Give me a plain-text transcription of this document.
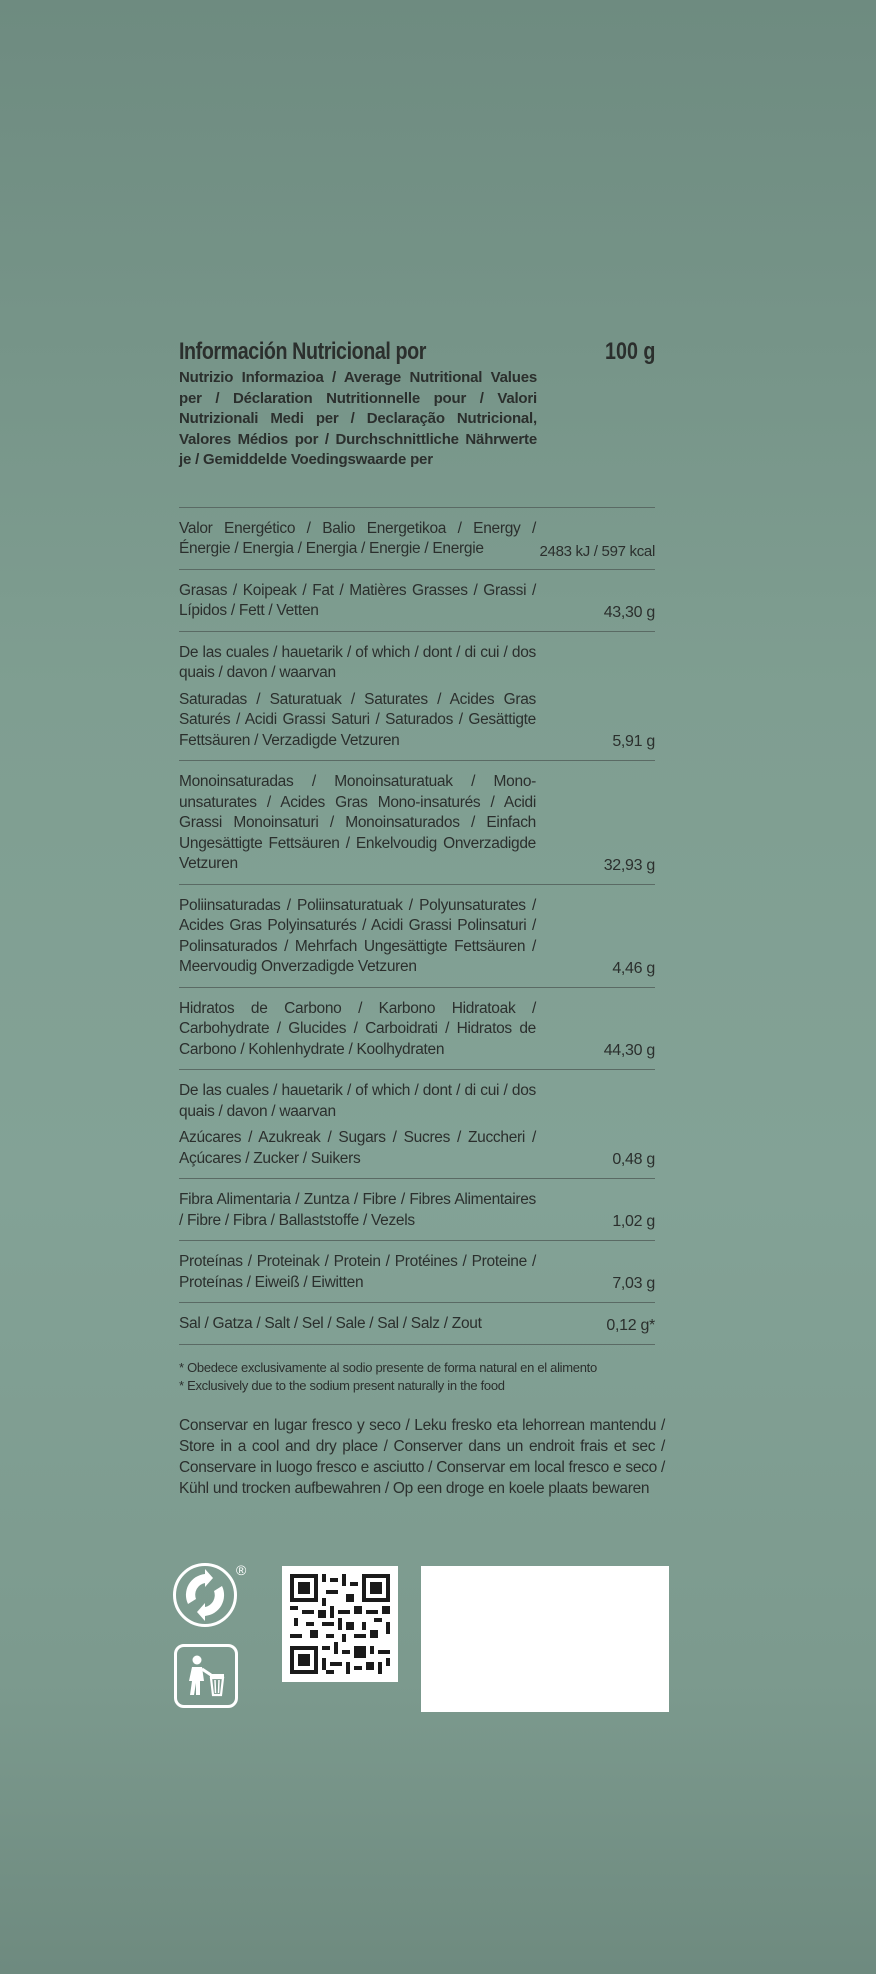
Información Nutricional por	100 g
Nutrizio Informazioa / Average Nutritional Values per / Déclaration Nutritionnelle pour / Valori Nutrizionali Medi per / Declaração Nutricional, Valores Médios por / Durchschnittliche Nährwerte je / Gemiddelde Voedingswaarde per
Valor Energético / Balio Energetikoa / Energy / Énergie / Energia / Energia / Energie / Energie	2483 kJ / 597 kcal
Grasas / Koipeak / Fat / Matières Grasses / Grassi / Lípidos / Fett / Vetten	43,30 g
De las cuales / hauetarik / of which / dont / di cui / dos quais / davon / waarvan
Saturadas / Saturatuak / Saturates / Acides Gras Saturés / Acidi Grassi Saturi / Saturados / Gesättigte Fettsäuren / Verzadigde Vetzuren	5,91 g
Monoinsaturadas / Monoinsaturatuak / Mono-unsaturates / Acides Gras Mono-insaturés / Acidi Grassi Monoinsaturi / Monoinsaturados / Einfach Ungesättigte Fettsäuren / Enkelvoudig Onverzadigde Vetzuren	32,93 g
Poliinsaturadas / Poliinsaturatuak / Polyunsaturates / Acides Gras Polyinsaturés / Acidi Grassi Polinsaturi / Polinsaturados / Mehrfach Ungesättigte Fettsäuren / Meervoudig Onverzadigde Vetzuren	4,46 g
Hidratos de Carbono / Karbono Hidratoak / Carbohydrate / Glucides / Carboidrati / Hidratos de Carbono / Kohlenhydrate / Koolhydraten	44,30 g
De las cuales / hauetarik / of which / dont / di cui / dos quais / davon / waarvan
Azúcares / Azukreak / Sugars / Sucres / Zuccheri / Açúcares / Zucker / Suikers	0,48 g
Fibra Alimentaria / Zuntza / Fibre / Fibres Alimentaires / Fibre / Fibra / Ballaststoffe / Vezels	1,02 g
Proteínas / Proteinak / Protein / Protéines / Proteine / Proteínas / Eiweiß / Eiwitten	7,03 g
Sal / Gatza / Salt / Sel / Sale / Sal / Salz / Zout	0,12 g*
* Obedece exclusivamente al sodio presente de forma natural en el alimento
* Exclusively due to the sodium present naturally in the food
Conservar en lugar fresco y seco / Leku fresko eta lehorrean mantendu / Store in a cool and dry place / Conserver dans un endroit frais et sec / Conservare in luogo fresco e asciutto / Conservar em local fresco e seco / Kühl und trocken aufbewahren / Op een droge en koele plaats bewaren
®
